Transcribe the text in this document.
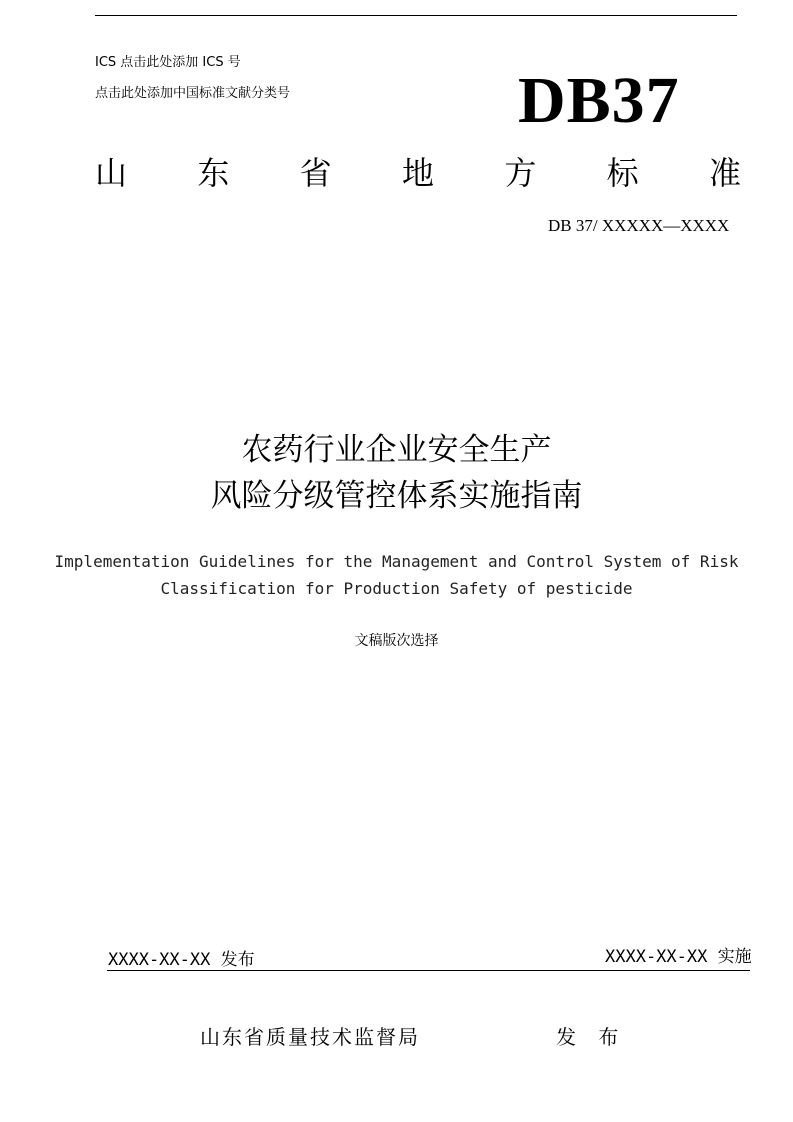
ICS 点击此处添加 ICS 号
点击此处添加中国标准文献分类号	DB37
山 东 省 地 方 标 准
DB 37/ XXXXX—XXXX
农药行业企业安全生产
风险分级管控体系实施指南
Implementation Guidelines for the Management and Control System of Risk Classification for Production Safety of pesticide
文稿版次选择
XXXX-XX-XX 发布	XXXX-XX-XX 实施
山东省质量技术监督局	发 布
